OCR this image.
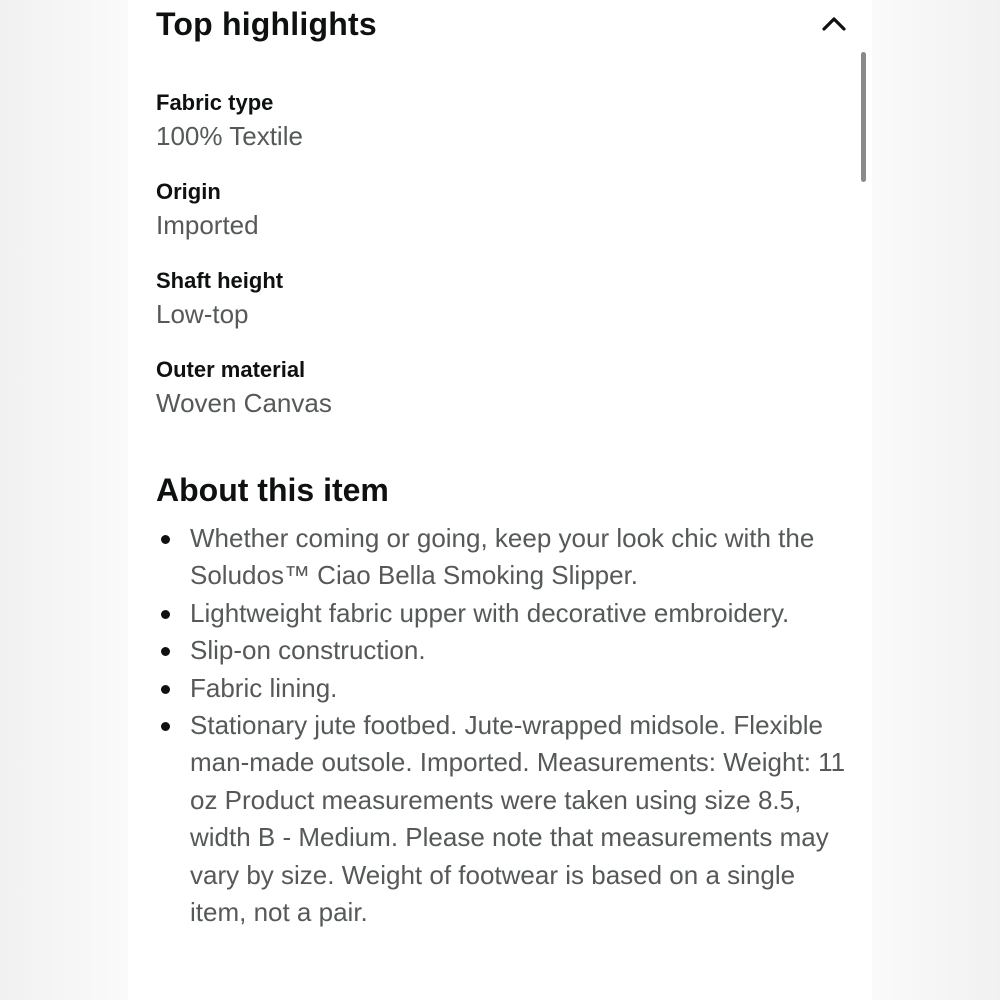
Top highlights
Fabric type
100% Textile
Origin
Imported
Shaft height
Low-top
Outer material
Woven Canvas
About this item
Whether coming or going, keep your look chic with the Soludos™ Ciao Bella Smoking Slipper.
Lightweight fabric upper with decorative embroidery.
Slip-on construction.
Fabric lining.
Stationary jute footbed. Jute-wrapped midsole. Flexible man-made outsole. Imported. Measurements: Weight: 11 oz Product measurements were taken using size 8.5, width B - Medium. Please note that measurements may vary by size. Weight of footwear is based on a single item, not a pair.
